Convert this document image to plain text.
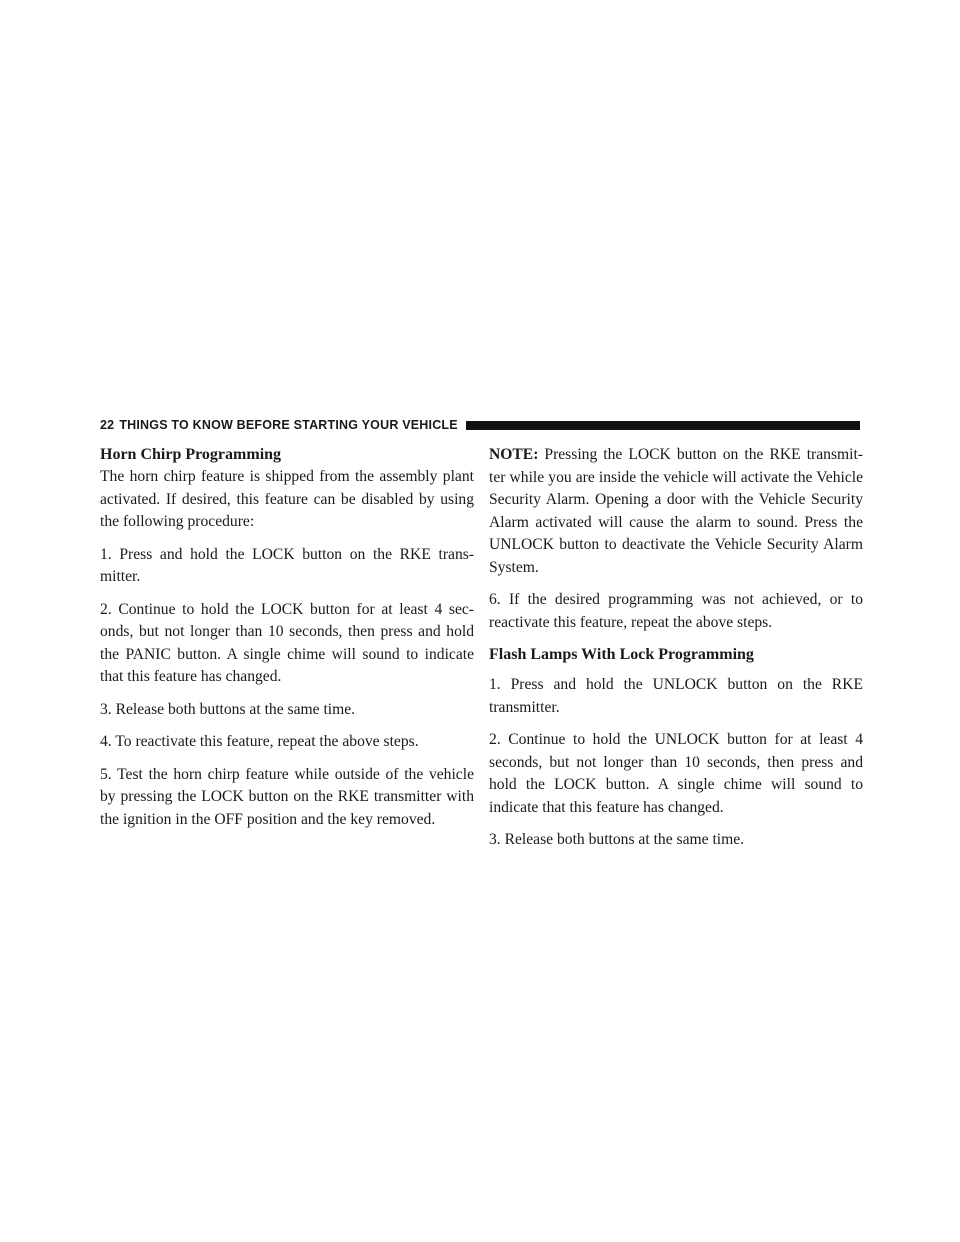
22 THINGS TO KNOW BEFORE STARTING YOUR VEHICLE
Horn Chirp Programming

The horn chirp feature is shipped from the assembly plant activated. If desired, this feature can be disabled by using the following procedure:

1. Press and hold the LOCK button on the RKE trans-mitter.

2. Continue to hold the LOCK button for at least 4 sec-onds, but not longer than 10 seconds, then press and hold the PANIC button. A single chime will sound to indicate that this feature has changed.

3. Release both buttons at the same time.

4. To reactivate this feature, repeat the above steps.

5. Test the horn chirp feature while outside of the vehicle by pressing the LOCK button on the RKE transmitter with the ignition in the OFF position and the key removed.

NOTE: Pressing the LOCK button on the RKE transmit-ter while you are inside the vehicle will activate the Vehicle Security Alarm. Opening a door with the Vehicle Security Alarm activated will cause the alarm to sound. Press the UNLOCK button to deactivate the Vehicle Security Alarm System.

6. If the desired programming was not achieved, or to reactivate this feature, repeat the above steps.

Flash Lamps With Lock Programming

1. Press and hold the UNLOCK button on the RKE transmitter.

2. Continue to hold the UNLOCK button for at least 4 seconds, but not longer than 10 seconds, then press and hold the LOCK button. A single chime will sound to indicate that this feature has changed.

3. Release both buttons at the same time.
